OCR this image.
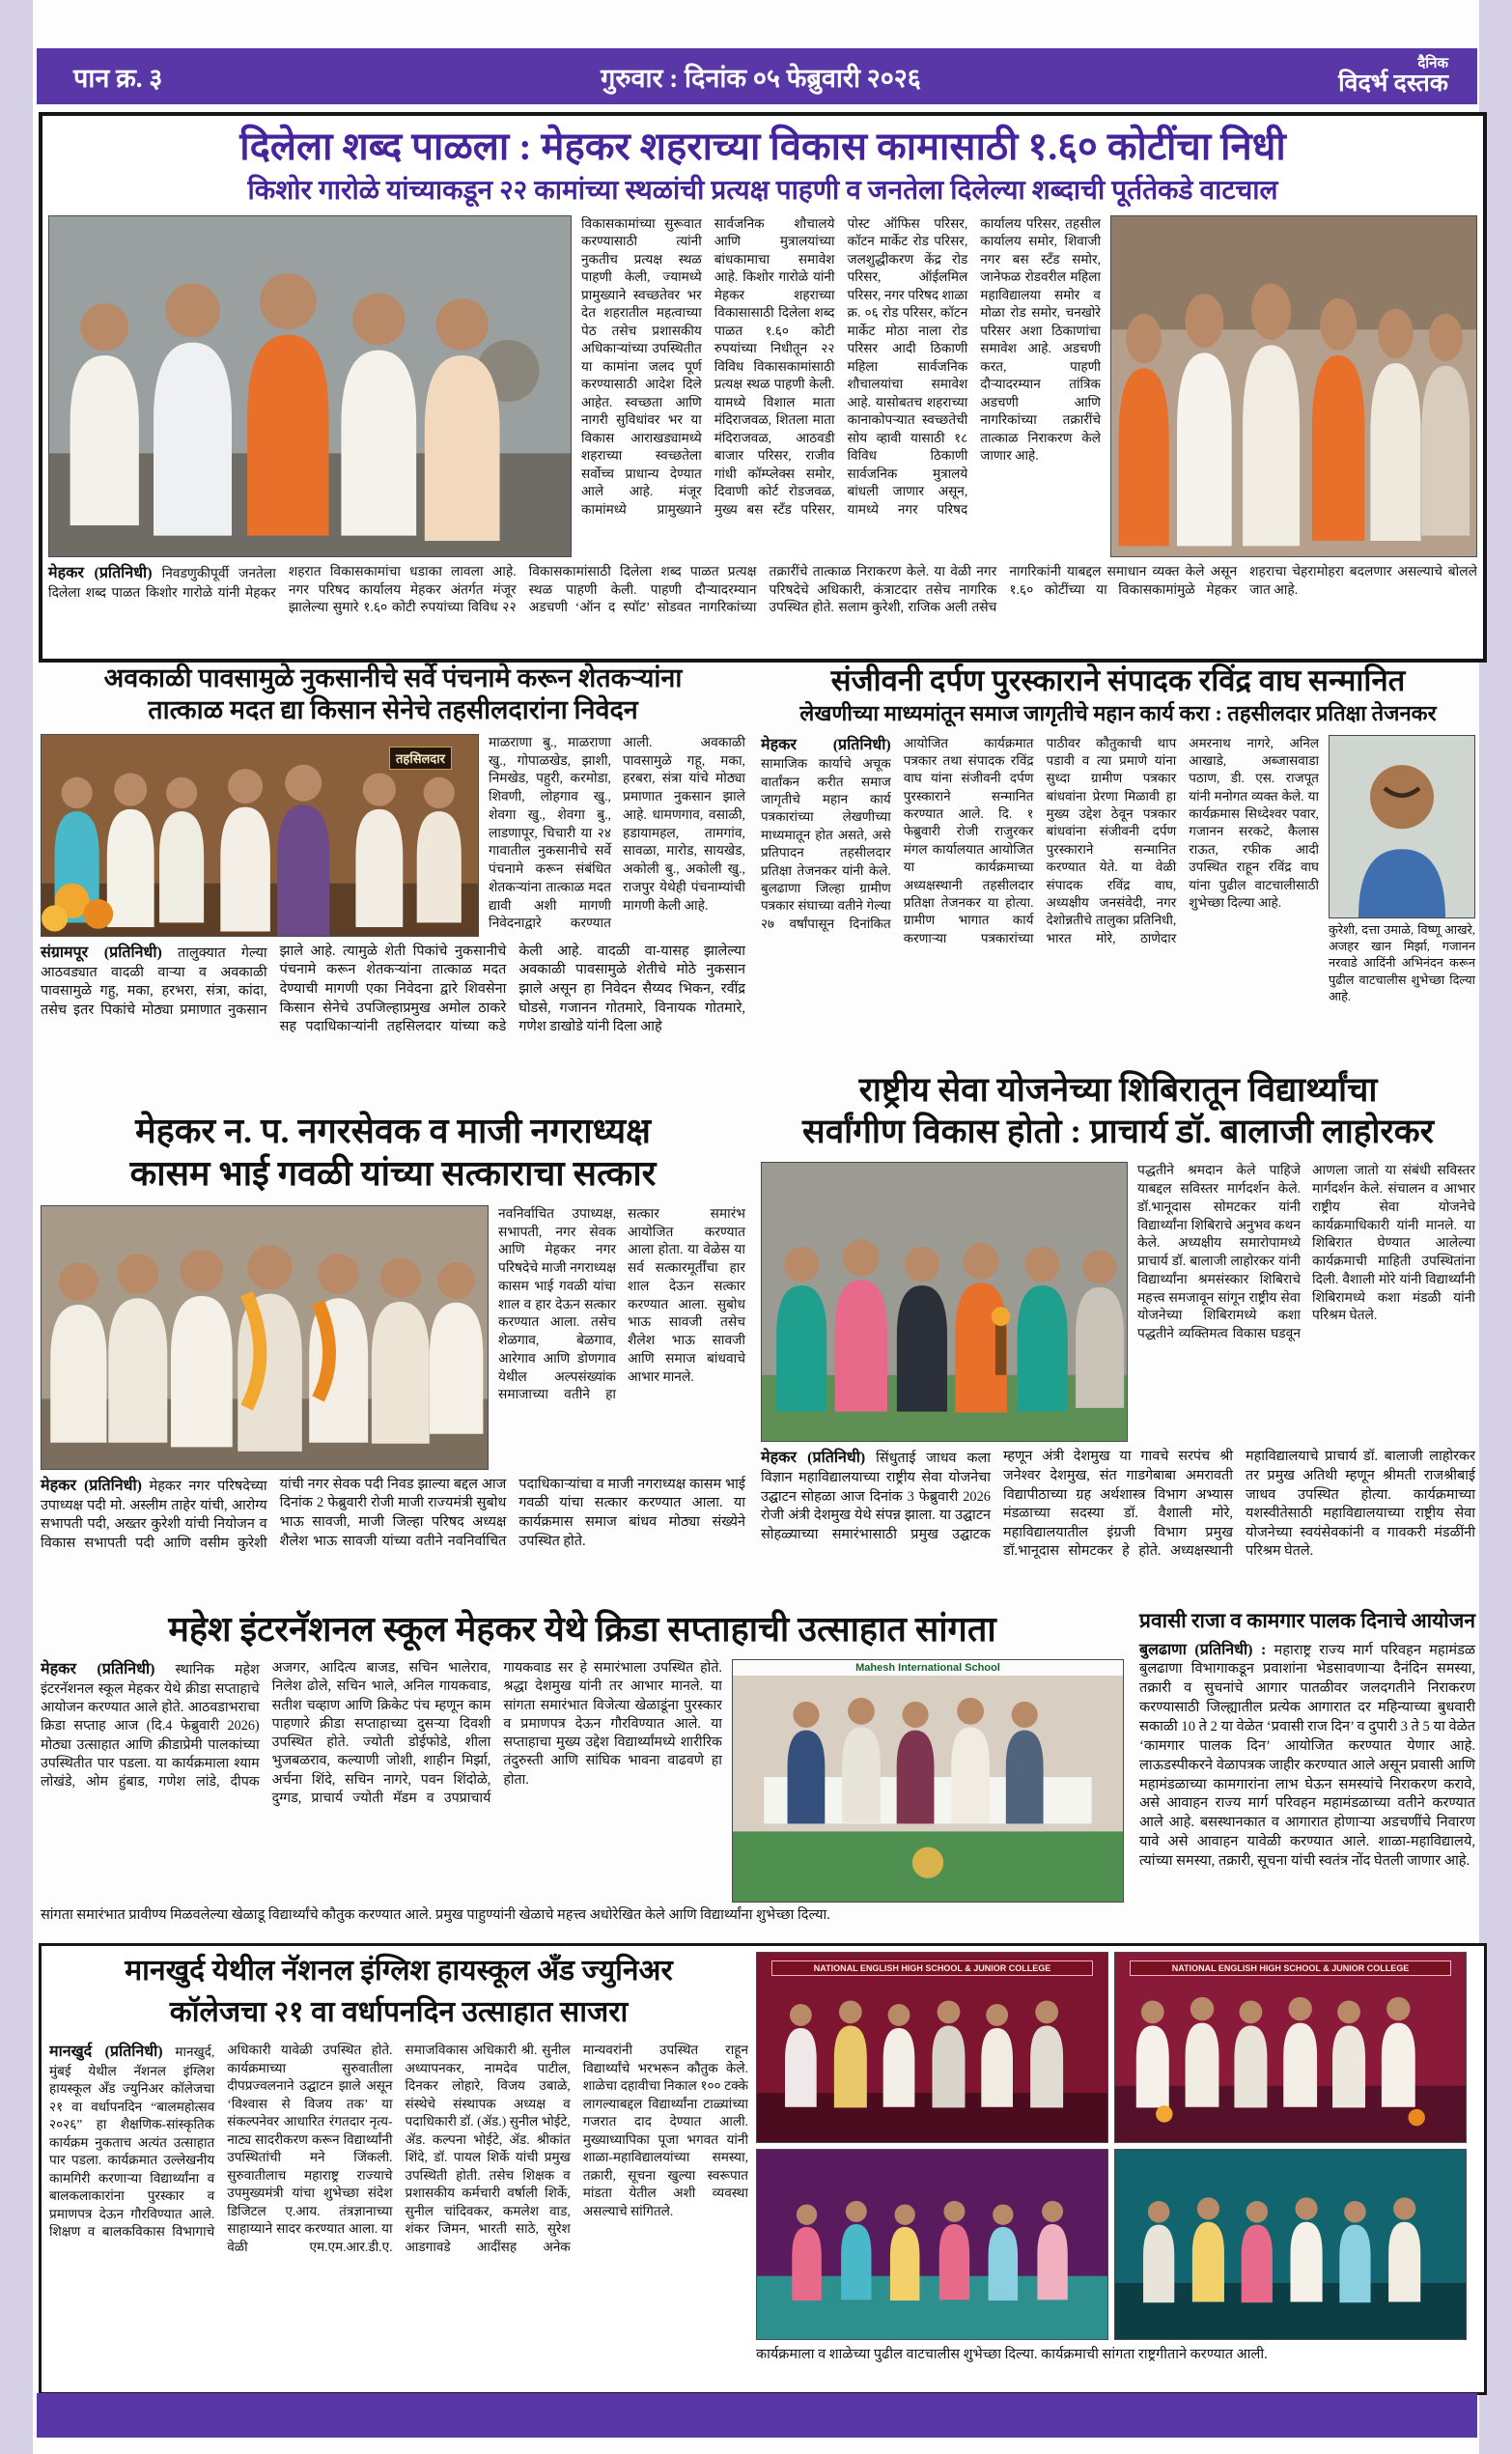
पान क्र. ३	गुरुवार : दिनांक ०५ फेब्रुवारी २०२६	दैनिक
विदर्भ दस्तक
दिलेला शब्द पाळला : मेहकर शहराच्या विकास कामासाठी १.६० कोटींचा निधी
किशोर गारोळे यांच्याकडून २२ कामांच्या स्थळांची प्रत्यक्ष पाहणी व जनतेला दिलेल्या शब्दाची पूर्ततेकडे वाटचाल
विकासकामांच्या सुरूवात करण्यासाठी त्यांनी नुकतीच प्रत्यक्ष स्थळ पाहणी केली, ज्यामध्ये प्रामुख्याने स्वच्छतेवर भर देत शहरातील महत्वाच्या पेठ तसेच प्रशासकीय अधिकाऱ्यांच्या उपस्थितीत या कामांना जलद पूर्ण करण्यासाठी आदेश दिले आहेत. स्वच्छता आणि नागरी सुविधांवर भर या विकास आराखड्यामध्ये शहराच्या स्वच्छतेला सर्वोच्च प्राधान्य देण्यात आले आहे. मंजूर कामांमध्ये प्रामुख्याने सार्वजनिक शौचालये आणि मुत्रालयांच्या बांधकामाचा समावेश आहे. किशोर गारोळे यांनी मेहकर शहराच्या विकासासाठी दिलेला शब्द पाळत १.६० कोटी रुपयांच्या निधीतून २२ विविध विकासकामांसाठी प्रत्यक्ष स्थळ पाहणी केली. यामध्ये विशाल माता मंदिराजवळ, शितला माता मंदिराजवळ, आठवडी बाजार परिसर, राजीव गांधी कॉम्प्लेक्स समोर, दिवाणी कोर्ट रोडजवळ, मुख्य बस स्टँड परिसर, पोस्ट ऑफिस परिसर, कॉटन मार्केट रोड परिसर, जलशुद्धीकरण केंद्र रोड परिसर, ऑईलमिल परिसर, नगर परिषद शाळा क्र. ०६ रोड परिसर, कॉटन मार्केट मोठा नाला रोड परिसर आदी ठिकाणी महिला सार्वजनिक शौचालयांचा समावेश आहे. यासोबतच शहराच्या कानाकोपऱ्यात स्वच्छतेची सोय व्हावी यासाठी १८ विविध ठिकाणी सार्वजनिक मुत्रालये बांधली जाणार असून, यामध्ये नगर परिषद कार्यालय परिसर, तहसील कार्यालय समोर, शिवाजी नगर बस स्टँड समोर, जानेफळ रोडवरील महिला महाविद्यालया समोर व मोळा रोड समोर, चनखोरे परिसर अशा ठिकाणांचा समावेश आहे. अडचणी करत, पाहणी दौऱ्यादरम्यान तांत्रिक अडचणी आणि नागरिकांच्या तक्रारींचे तात्काळ निराकरण केले जाणार आहे.
मेहकर (प्रतिनिधी) निवडणुकीपूर्वी जनतेला दिलेला शब्द पाळत किशोर गारोळे यांनी मेहकर शहरात विकासकामांचा धडाका लावला आहे. नगर परिषद कार्यालय मेहकर अंतर्गत मंजूर झालेल्या सुमारे १.६० कोटी रुपयांच्या विविध २२ विकासकामांसाठी दिलेला शब्द पाळत प्रत्यक्ष स्थळ पाहणी केली. पाहणी दौऱ्यादरम्यान अडचणी ‘ऑन द स्पॉट’ सोडवत नागरिकांच्या तक्रारींचे तात्काळ निराकरण केले. या वेळी नगर परिषदेचे अधिकारी, कंत्राटदार तसेच नागरिक उपस्थित होते. सलाम कुरेशी, राजिक अली तसेच नागरिकांनी याबद्दल समाधान व्यक्त केले असून १.६० कोटींच्या या विकासकामांमुळे मेहकर शहराचा चेहरामोहरा बदलणार असल्याचे बोलले जात आहे.
अवकाळी पावसामुळे नुकसानीचे सर्वे पंचनामे करून शेतकऱ्यांना
तात्काळ मदत द्या किसान सेनेचे तहसीलदारांना निवेदन
तहसिलदार
माळराणा बु., माळराणा खु., गोपाळखेड, झाशी, निमखेड, पहुरी, करमोडा, शिवणी, लोहगाव खु., शेवगा खु., शेवगा बु., लाडणापूर, चिचारी या २४ गावातील नुकसानीचे सर्वे पंचनामे करून संबंधित शेतकऱ्यांना तात्काळ मदत द्यावी अशी मागणी निवेदनाद्वारे करण्यात आली. अवकाळी पावसामुळे गहू, मका, हरबरा, संत्रा यांचे मोठ्या प्रमाणात नुकसान झाले आहे. धामणगाव, वसाळी, हडायामहल, तामगांव, सावळा, मारोड, सायखेड, अकोली बु., अकोली खु., राजपुर येथेही पंचनाम्यांची मागणी केली आहे.
संग्रामपूर (प्रतिनिधी) तालुक्यात गेल्या आठवड्यात वादळी वाऱ्या व अवकाळी पावसामुळे गहु, मका, हरभरा, संत्रा, कांदा, तसेच इतर पिकांचे मोठ्या प्रमाणात नुकसान झाले आहे. त्यामुळे शेती पिकांचे नुकसानीचे पंचनामे करून शेतकऱ्यांना तात्काळ मदत देण्याची मागणी एका निवेदना द्वारे शिवसेना किसान सेनेचे उपजिल्हाप्रमुख अमोल ठाकरे सह पदाधिकाऱ्यांनी तहसिलदार यांच्या कडे केली आहे. वादळी वा-यासह झालेल्या अवकाळी पावसामुळे शेतीचे मोठे नुकसान झाले असून हा निवेदन सैय्यद भिकन, रवींद्र घोडसे, गजानन गोतमारे, विनायक गोतमारे, गणेश डाखोडे यांनी दिला आहे
संजीवनी दर्पण पुरस्काराने संपादक रविंद्र वाघ सन्मानित
लेखणीच्या माध्यमांतून समाज जागृतीचे महान कार्य करा : तहसीलदार प्रतिक्षा तेजनकर
मेहकर (प्रतिनिधी) सामाजिक कार्याचे अचूक वार्तांकन करीत समाज जागृतीचे महान कार्य पत्रकारांच्या लेखणीच्या माध्यमातून होत असते, असे प्रतिपादन तहसीलदार प्रतिक्षा तेजनकर यांनी केले. बुलढाणा जिल्हा ग्रामीण पत्रकार संघाच्या वतीने गेल्या २७ वर्षांपासून दिनांकित आयोजित कार्यक्रमात पत्रकार तथा संपादक रविंद्र वाघ यांना संजीवनी दर्पण पुरस्काराने सन्मानित करण्यात आले. दि. १ फेब्रुवारी रोजी राजुरकर मंगल कार्यालयात आयोजित या कार्यक्रमाच्या अध्यक्षस्थानी तहसीलदार प्रतिक्षा तेजनकर या होत्या. ग्रामीण भागात कार्य करणाऱ्या पत्रकारांच्या पाठीवर कौतुकाची थाप पडावी व त्या प्रमाणे यांना सुध्दा ग्रामीण पत्रकार बांधवांना प्रेरणा मिळावी हा मुख्य उद्देश ठेवून पत्रकार बांधवांना संजीवनी दर्पण पुरस्काराने सन्मानित करण्यात येते. या वेळी संपादक रविंद्र वाघ, अध्यक्षीय जनसंवेदी, नगर देशोन्नतीचे तालुका प्रतिनिधी, भारत मोरे, ठाणेदार अमरनाथ नागरे, अनिल आखाडे, अब्जासवाडा पठाण, डी. एस. राजपूत यांनी मनोगत व्यक्त केले. या कार्यक्रमास सिध्देश्वर पवार, गजानन सरकटे, कैलास राऊत, रफीक आदी उपस्थित राहून रविंद्र वाघ यांना पुढील वाटचालीसाठी शुभेच्छा दिल्या आहे.
कुरेशी, दत्ता उमाळे, विष्णू आखरे, अजहर खान मिर्झा, गजानन नरवाडे आदिंनी अभिनंदन करून पुढील वाटचालीस शुभेच्छा दिल्या आहे.
मेहकर न. प. नगरसेवक व माजी नगराध्यक्ष
कासम भाई गवळी यांच्या सत्काराचा सत्कार
नवनिर्वाचित उपाध्यक्ष, सभापती, नगर सेवक आणि मेहकर नगर परिषदेचे माजी नगराध्यक्ष कासम भाई गवळी यांचा शाल व हार देऊन सत्कार करण्यात आला. तसेच शेळगाव, बेळगाव, आरेगाव आणि डोणगाव येथील अल्पसंख्यांक समाजाच्या वतीने हा सत्कार समारंभ आयोजित करण्यात आला होता. या वेळेस या सर्व सत्कारमूर्तींचा हार शाल देऊन सत्कार करण्यात आला. सुबोध भाऊ सावजी तसेच शैलेश भाऊ सावजी आणि समाज बांधवाचे आभार मानले.
मेहकर (प्रतिनिधी) मेहकर नगर परिषदेच्या उपाध्यक्ष पदी मो. अस्लीम ताहेर यांची, आरोग्य सभापती पदी, अख्तर कुरेशी यांची नियोजन व विकास सभापती पदी आणि वसीम कुरेशी यांची नगर सेवक पदी निवड झाल्या बद्दल आज दिनांक 2 फेब्रुवारी रोजी माजी राज्यमंत्री सुबोध भाऊ सावजी, माजी जिल्हा परिषद अध्यक्ष शैलेश भाऊ सावजी यांच्या वतीने नवनिर्वाचित पदाधिकाऱ्यांचा व माजी नगराध्यक्ष कासम भाई गवळी यांचा सत्कार करण्यात आला. या कार्यक्रमास समाज बांधव मोठ्या संख्येने उपस्थित होते.
राष्ट्रीय सेवा योजनेच्या शिबिरातून विद्यार्थ्यांचा
सर्वांगीण विकास होतो : प्राचार्य डॉ. बालाजी लाहोरकर
पद्धतीने श्रमदान केले पाहिजे याबद्दल सविस्तर मार्गदर्शन केले. डॉ.भानूदास सोमटकर यांनी विद्यार्थ्यांना शिबिराचे अनुभव कथन केले. अध्यक्षीय समारोपामध्ये प्राचार्य डॉ. बालाजी लाहोरकर यांनी विद्यार्थ्यांना श्रमसंस्कार शिबिराचे महत्त्व समजावून सांगून राष्ट्रीय सेवा योजनेच्या शिबिरामध्ये कशा पद्धतीने व्यक्तिमत्व विकास घडवून आणला जातो या संबंधी सविस्तर मार्गदर्शन केले. संचालन व आभार राष्ट्रीय सेवा योजनेचे कार्यक्रमाधिकारी यांनी मानले. या शिबिरात घेण्यात आलेल्या कार्यक्रमाची माहिती उपस्थितांना दिली. वैशाली मोरे यांनी विद्यार्थ्यांनी शिबिरामध्ये कशा मंडळी यांनी परिश्रम घेतले.
मेहकर (प्रतिनिधी) सिंधुताई जाधव कला विज्ञान महाविद्यालयाच्या राष्ट्रीय सेवा योजनेचा उद्घाटन सोहळा आज दिनांक 3 फेब्रुवारी 2026 रोजी अंत्री देशमुख येथे संपन्न झाला. या उद्घाटन सोहळ्याच्या समारंभासाठी प्रमुख उद्घाटक म्हणून अंत्री देशमुख या गावचे सरपंच श्री जनेश्वर देशमुख, संत गाडगेबाबा अमरावती विद्यापीठाच्या ग्रह अर्थशास्त्र विभाग अभ्यास मंडळाच्या सदस्या डॉ. वैशाली मोरे, महाविद्यालयातील इंग्रजी विभाग प्रमुख डॉ.भानूदास सोमटकर हे होते. अध्यक्षस्थानी महाविद्यालयाचे प्राचार्य डॉ. बालाजी लाहोरकर तर प्रमुख अतिथी म्हणून श्रीमती राजश्रीबाई जाधव उपस्थित होत्या. कार्यक्रमाच्या यशस्वीतेसाठी महाविद्यालयाच्या राष्ट्रीय सेवा योजनेच्या स्वयंसेवकांनी व गावकरी मंडळींनी परिश्रम घेतले.
महेश इंटरनॅशनल स्कूल मेहकर येथे क्रिडा सप्ताहाची उत्साहात सांगता
मेहकर (प्रतिनिधी) स्थानिक महेश इंटरनॅशनल स्कूल मेहकर येथे क्रीडा सप्ताहाचे आयोजन करण्यात आले होते. आठवडाभराचा क्रिडा सप्ताह आज (दि.4 फेब्रुवारी 2026) मोठ्या उत्साहात आणि क्रीडाप्रेमी पालकांच्या उपस्थितीत पार पडला. या कार्यक्रमाला श्याम लोखंडे, ओम हुंबाड, गणेश लांडे, दीपक अजगर, आदित्य बाजड, सचिन भालेराव, निलेश ढोले, सचिन भाले, अनिल गायकवाड, सतीश चव्हाण आणि क्रिकेट पंच म्हणून काम पाहणारे क्रीडा सप्ताहाच्या दुसऱ्या दिवशी उपस्थित होते. ज्योती डोईफोडे, शीला भुजबळराव, कल्याणी जोशी, शाहीन मिर्झा, अर्चना शिंदे, सचिन नागरे, पवन शिंदोळे, दुग्गड, प्राचार्य ज्योती मॅडम व उपप्राचार्य गायकवाड सर हे समारंभाला उपस्थित होते. श्रद्धा देशमुख यांनी तर आभार मानले. या सांगता समारंभात विजेत्या खेळाडूंना पुरस्कार व प्रमाणपत्र देऊन गौरविण्यात आले. या सप्ताहाचा मुख्य उद्देश विद्यार्थ्यांमध्ये शारीरिक तंदुरुस्ती आणि सांघिक भावना वाढवणे हा होता.
Mahesh International School
सांगता समारंभात प्रावीण्य मिळवलेल्या खेळाडू विद्यार्थ्यांचे कौतुक करण्यात आले. प्रमुख पाहुण्यांनी खेळाचे महत्त्व अधोरेखित केले आणि विद्यार्थ्यांना शुभेच्छा दिल्या.
प्रवासी राजा व कामगार पालक दिनाचे आयोजन
बुलढाणा (प्रतिनिधी) : महाराष्ट्र राज्य मार्ग परिवहन महामंडळ बुलढाणा विभागाकडून प्रवाशांना भेडसावणाऱ्या दैनंदिन समस्या, तक्रारी व सुचनांचे आगार पातळीवर जलदगतीने निराकरण करण्यासाठी जिल्ह्यातील प्रत्येक आगारात दर महिन्याच्या बुधवारी सकाळी 10 ते 2 या वेळेत ‘प्रवासी राज दिन’ व दुपारी 3 ते 5 या वेळेत ‘कामगार पालक दिन’ आयोजित करण्यात येणार आहे. लाऊडस्पीकरने वेळापत्रक जाहीर करण्यात आले असून प्रवासी आणि महामंडळाच्या कामगारांना लाभ घेऊन समस्यांचे निराकरण करावे, असे आवाहन राज्य मार्ग परिवहन महामंडळाच्या वतीने करण्यात आले आहे. बसस्थानकात व आगारात होणाऱ्या अडचणींचे निवारण यावे असे आवाहन यावेळी करण्यात आले. शाळा-महाविद्यालये, त्यांच्या समस्या, तक्रारी, सूचना यांची स्वतंत्र नोंद घेतली जाणार आहे.
मानखुर्द येथील नॅशनल इंग्लिश हायस्कूल अँड ज्युनिअर
कॉलेजचा २१ वा वर्धापनदिन उत्साहात साजरा
मानखुर्द (प्रतिनिधी) मानखुर्द, मुंबई येथील नॅशनल इंग्लिश हायस्कूल अँड ज्युनिअर कॉलेजचा २१ वा वर्धापनदिन “बालमहोत्सव २०२६” हा शैक्षणिक-सांस्कृतिक कार्यक्रम नुकताच अत्यंत उत्साहात पार पडला. कार्यक्रमात उल्लेखनीय कामगिरी करणाऱ्या विद्यार्थ्यांना व बालकलाकारांना पुरस्कार व प्रमाणपत्र देऊन गौरविण्यात आले. शिक्षण व बालकविकास विभागाचे अधिकारी यावेळी उपस्थित होते. कार्यक्रमाच्या सुरुवातीला दीपप्रज्वलनाने उद्घाटन झाले असून ‘विश्वास से विजय तक’ या संकल्पनेवर आधारित रंगतदार नृत्य-नाट्य सादरीकरण करून विद्यार्थ्यांनी उपस्थितांची मने जिंकली. सुरुवातीलाच महाराष्ट्र राज्याचे उपमुख्यमंत्री यांचा शुभेच्छा संदेश डिजिटल ए.आय. तंत्रज्ञानाच्या साहाय्याने सादर करण्यात आला. या वेळी एम.एम.आर.डी.ए. समाजविकास अधिकारी श्री. सुनील अध्यापनकर, नामदेव पाटील, दिनकर लोहारे, विजय उबाळे, संस्थेचे संस्थापक अध्यक्ष व पदाधिकारी डॉ. (ॲड.) सुनील भोईटे, ॲड. कल्पना भोईटे, ॲड. श्रीकांत शिंदे, डॉ. पायल शिर्के यांची प्रमुख उपस्थिती होती. तसेच शिक्षक व प्रशासकीय कर्मचारी वर्षाली शिर्के, सुनील चांदिवकर, कमलेश वाड, शंकर जिमन, भारती साठे, सुरेश आडगावडे आदींसह अनेक मान्यवरांनी उपस्थित राहून विद्यार्थ्यांचे भरभरून कौतुक केले. शाळेचा दहावीचा निकाल १०० टक्के लागल्याबद्दल विद्यार्थ्यांना टाळ्यांच्या गजरात दाद देण्यात आली. मुख्याध्यापिका पूजा भगवत यांनी शाळा-महाविद्यालयांच्या समस्या, तक्रारी, सूचना खुल्या स्वरूपात मांडता येतील अशी व्यवस्था असल्याचे सांगितले.
NATIONAL ENGLISH HIGH SCHOOL & JUNIOR COLLEGE	NATIONAL ENGLISH HIGH SCHOOL & JUNIOR COLLEGE
कार्यक्रमाला व शाळेच्या पुढील वाटचालीस शुभेच्छा दिल्या. कार्यक्रमाची सांगता राष्ट्रगीताने करण्यात आली.
